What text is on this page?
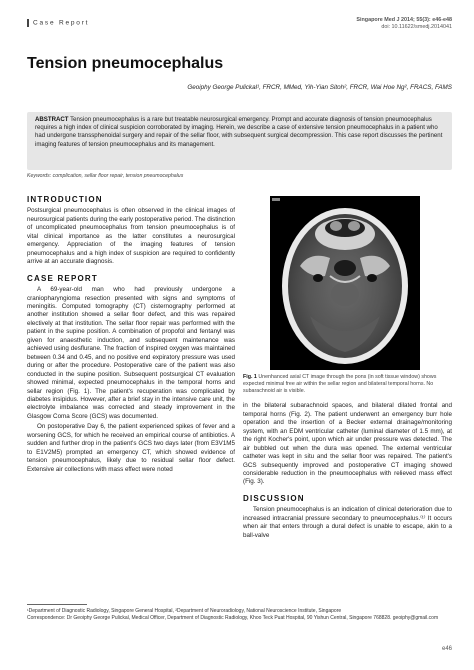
Case Report	Singapore Med J 2014; 55(3): e46-e48
doi: 10.11622/smedj.2014041
Tension pneumocephalus
Geoiphy George Pulickal¹, FRCR, MMed, Yih-Yian Sitoh², FRCR, Wai Hoe Ng², FRACS, FAMS
ABSTRACT Tension pneumocephalus is a rare but treatable neurosurgical emergency. Prompt and accurate diagnosis of tension pneumocephalus requires a high index of clinical suspicion corroborated by imaging. Herein, we describe a case of extensive tension pneumocephalus in a patient who had undergone transsphenoidal surgery and repair of the sellar floor, with subsequent surgical decompression. This case report discusses the pertinent imaging features of tension pneumocephalus and its management.
Keywords: complication, sellar floor repair, tension pneumocephalus
INTRODUCTION

Postsurgical pneumocephalus is often observed in the clinical images of neurosurgical patients during the early postoperative period. The distinction of uncomplicated pneumocephalus from tension pneumocephalus is of vital clinical importance as the latter constitutes a neurosurgical emergency. Appreciation of the imaging features of tension pneumocephalus and a high index of suspicion are required to confidently arrive at an accurate diagnosis.

CASE REPORT

A 69-year-old man who had previously undergone a craniopharyngioma resection presented with signs and symptoms of meningitis. Computed tomography (CT) cisternography performed at another institution showed a sellar floor defect, and this was repaired electively at that institution. The sellar floor repair was performed with the patient in the supine position. A combination of propofol and fentanyl was given for anaesthetic induction, and subsequent maintenance was achieved using desflurane. The fraction of inspired oxygen was maintained between 0.34 and 0.45, and no positive end expiratory pressure was used during or after the procedure. Postoperative care of the patient was also conducted in the supine position. Subsequent postsurgical CT evaluation showed minimal, expected pneumocephalus in the temporal horns and sellar region (Fig. 1). The patient's recuperation was complicated by diabetes insipidus. However, after a brief stay in the intensive care unit, the electrolyte imbalance was corrected and steady improvement in the Glasgow Coma Score (GCS) was documented.

On postoperative Day 6, the patient experienced spikes of fever and a worsening GCS, for which he received an empirical course of antibiotics. A sudden and further drop in the patient's GCS two days later (from E3V1M5 to E1V2M5) prompted an emergency CT, which showed evidence of tension pneumocephalus, likely due to residual sellar floor defect. Extensive air collections with mass effect were noted

Fig. 1 Unenhanced axial CT image through the pons (in soft tissue window) shows expected minimal free air within the sellar region and bilateral temporal horns. No subarachnoid air is visible.

in the bilateral subarachnoid spaces, and bilateral dilated frontal and temporal horns (Fig. 2). The patient underwent an emergency burr hole operation and the insertion of a Becker external drainage/monitoring system, with an EDM ventricular catheter (luminal diameter of 1.5 mm), at the right Kocher's point, upon which air under pressure was detected. The air bubbled out when the dura was opened. The external ventricular catheter was kept in situ and the sellar floor was repaired. The patient's GCS subsequently improved and postoperative CT imaging showed considerable reduction in the pneumocephalus with relieved mass effect (Fig. 3).

DISCUSSION

Tension pneumocephalus is an indication of clinical deterioration due to increased intracranial pressure secondary to pneumocephalus.⁽¹⁾ It occurs when air that enters through a dural defect is unable to escape, akin to a ball-valve

¹Department of Diagnostic Radiology, Singapore General Hospital, ²Department of Neuroradiology, National Neuroscience Institute, Singapore
Correspondence: Dr Geoiphy George Pulickal, Medical Officer, Department of Diagnostic Radiology, Khoo Teck Puat Hospital, 90 Yishun Central, Singapore 768828. geoiphy@gmail.com
e46
